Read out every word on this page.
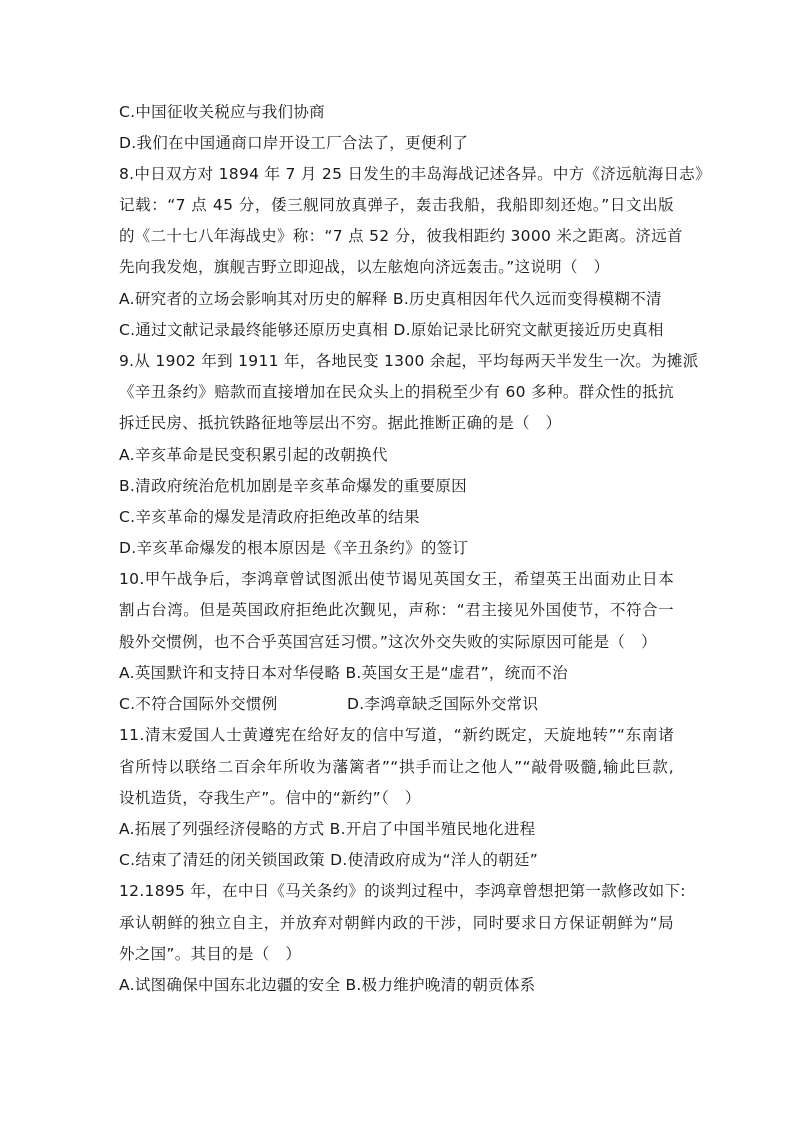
C.中国征收关税应与我们协商
D.我们在中国通商口岸开设工厂合法了，更便利了
8.中日双方对 1894 年 7 月 25 日发生的丰岛海战记述各异。中方《济远航海日志》
记载：“7 点 45 分，倭三舰同放真弹子，轰击我船，我船即刻还炮。”日文出版
的《二十七八年海战史》称：“7 点 52 分，彼我相距约 3000 米之距离。济远首
先向我发炮，旗舰吉野立即迎战，以左舷炮向济远轰击。”这说明（　）
A.研究者的立场会影响其对历史的解释 B.历史真相因年代久远而变得模糊不清
C.通过文献记录最终能够还原历史真相 D.原始记录比研究文献更接近历史真相
9.从 1902 年到 1911 年，各地民变 1300 余起，平均每两天半发生一次。为摊派
《辛丑条约》赔款而直接增加在民众头上的捐税至少有 60 多种。群众性的抵抗
拆迁民房、抵抗铁路征地等层出不穷。据此推断正确的是（　）
A.辛亥革命是民变积累引起的改朝换代
B.清政府统治危机加剧是辛亥革命爆发的重要原因
C.辛亥革命的爆发是清政府拒绝改革的结果
D.辛亥革命爆发的根本原因是《辛丑条约》的签订
10.甲午战争后，李鸿章曾试图派出使节谒见英国女王，希望英王出面劝止日本
割占台湾。但是英国政府拒绝此次觐见，声称：“君主接见外国使节，不符合一
般外交惯例，也不合乎英国宫廷习惯。”这次外交失败的实际原因可能是（　）
A.英国默许和支持日本对华侵略 B.英国女王是“虚君”，统而不治
C.不符合国际外交惯例	D.李鸿章缺乏国际外交常识
11.清末爱国人士黄遵宪在给好友的信中写道，“新约既定，天旋地转”“东南诸
省所恃以联络二百余年所收为藩篱者”“拱手而让之他人”“敲骨吸髓,输此巨款,
设机造货，夺我生产”。信中的“新约”（　）
A.拓展了列强经济侵略的方式 B.开启了中国半殖民地化进程
C.结束了清廷的闭关锁国政策 D.使清政府成为“洋人的朝廷”
12.1895 年，在中日《马关条约》的谈判过程中，李鸿章曾想把第一款修改如下:
承认朝鲜的独立自主，并放弃对朝鲜内政的干涉，同时要求日方保证朝鲜为“局
外之国”。其目的是（　）
A.试图确保中国东北边疆的安全 B.极力维护晚清的朝贡体系
